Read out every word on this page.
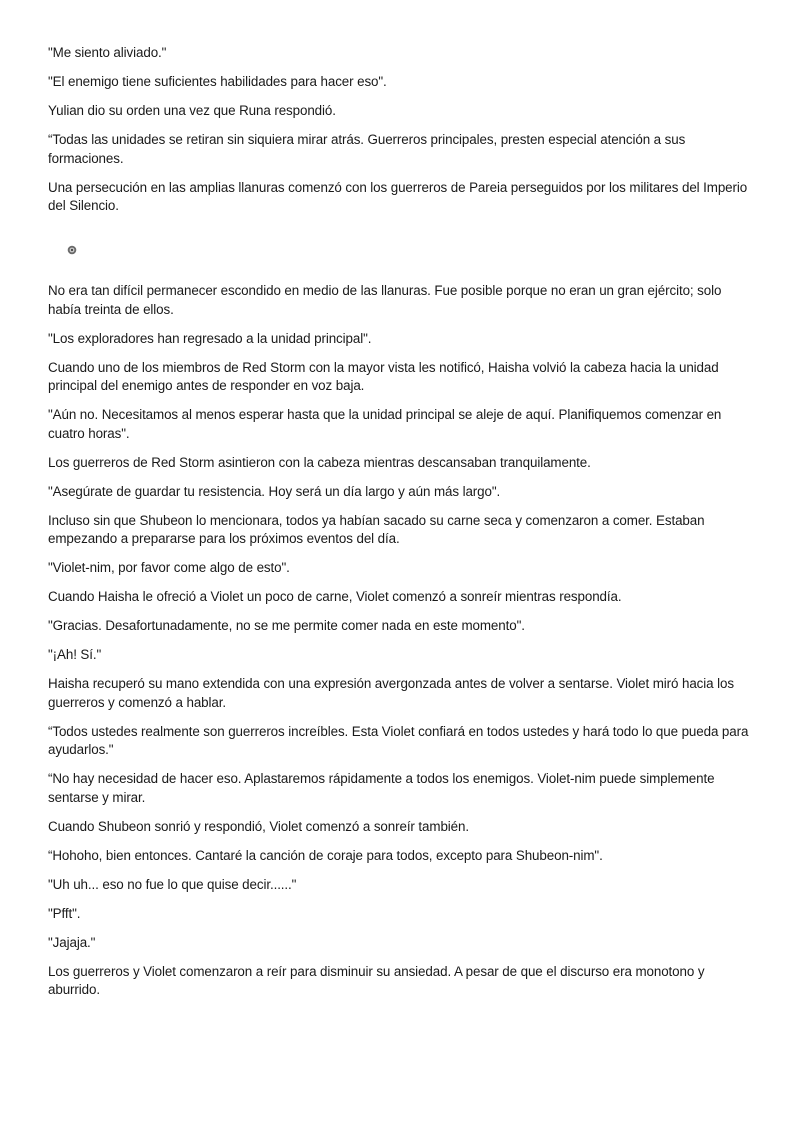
"Me siento aliviado."

"El enemigo tiene suficientes habilidades para hacer eso".

Yulian dio su orden una vez que Runa respondió.

“Todas las unidades se retiran sin siquiera mirar atrás. Guerreros principales, presten especial atención a sus formaciones.

Una persecución en las amplias llanuras comenzó con los guerreros de Pareia perseguidos por los militares del Imperio del Silencio.

No era tan difícil permanecer escondido en medio de las llanuras. Fue posible porque no eran un gran ejército; solo había treinta de ellos.

"Los exploradores han regresado a la unidad principal".

Cuando uno de los miembros de Red Storm con la mayor vista les notificó, Haisha volvió la cabeza hacia la unidad principal del enemigo antes de responder en voz baja.

"Aún no. Necesitamos al menos esperar hasta que la unidad principal se aleje de aquí. Planifiquemos comenzar en cuatro horas".

Los guerreros de Red Storm asintieron con la cabeza mientras descansaban tranquilamente.

"Asegúrate de guardar tu resistencia. Hoy será un día largo y aún más largo".

Incluso sin que Shubeon lo mencionara, todos ya habían sacado su carne seca y comenzaron a comer. Estaban empezando a prepararse para los próximos eventos del día.

"Violet-nim, por favor come algo de esto".

Cuando Haisha le ofreció a Violet un poco de carne, Violet comenzó a sonreír mientras respondía.

"Gracias. Desafortunadamente, no se me permite comer nada en este momento".

"¡Ah! Sí."

Haisha recuperó su mano extendida con una expresión avergonzada antes de volver a sentarse. Violet miró hacia los guerreros y comenzó a hablar.

“Todos ustedes realmente son guerreros increíbles. Esta Violet confiará en todos ustedes y hará todo lo que pueda para ayudarlos."

“No hay necesidad de hacer eso. Aplastaremos rápidamente a todos los enemigos. Violet-nim puede simplemente sentarse y mirar.

Cuando Shubeon sonrió y respondió, Violet comenzó a sonreír también.

“Hohoho, bien entonces. Cantaré la canción de coraje para todos, excepto para Shubeon-nim".

"Uh uh... eso no fue lo que quise decir......"

"Pfft".

"Jajaja."

Los guerreros y Violet comenzaron a reír para disminuir su ansiedad. A pesar de que el discurso era monotono y aburrido.
